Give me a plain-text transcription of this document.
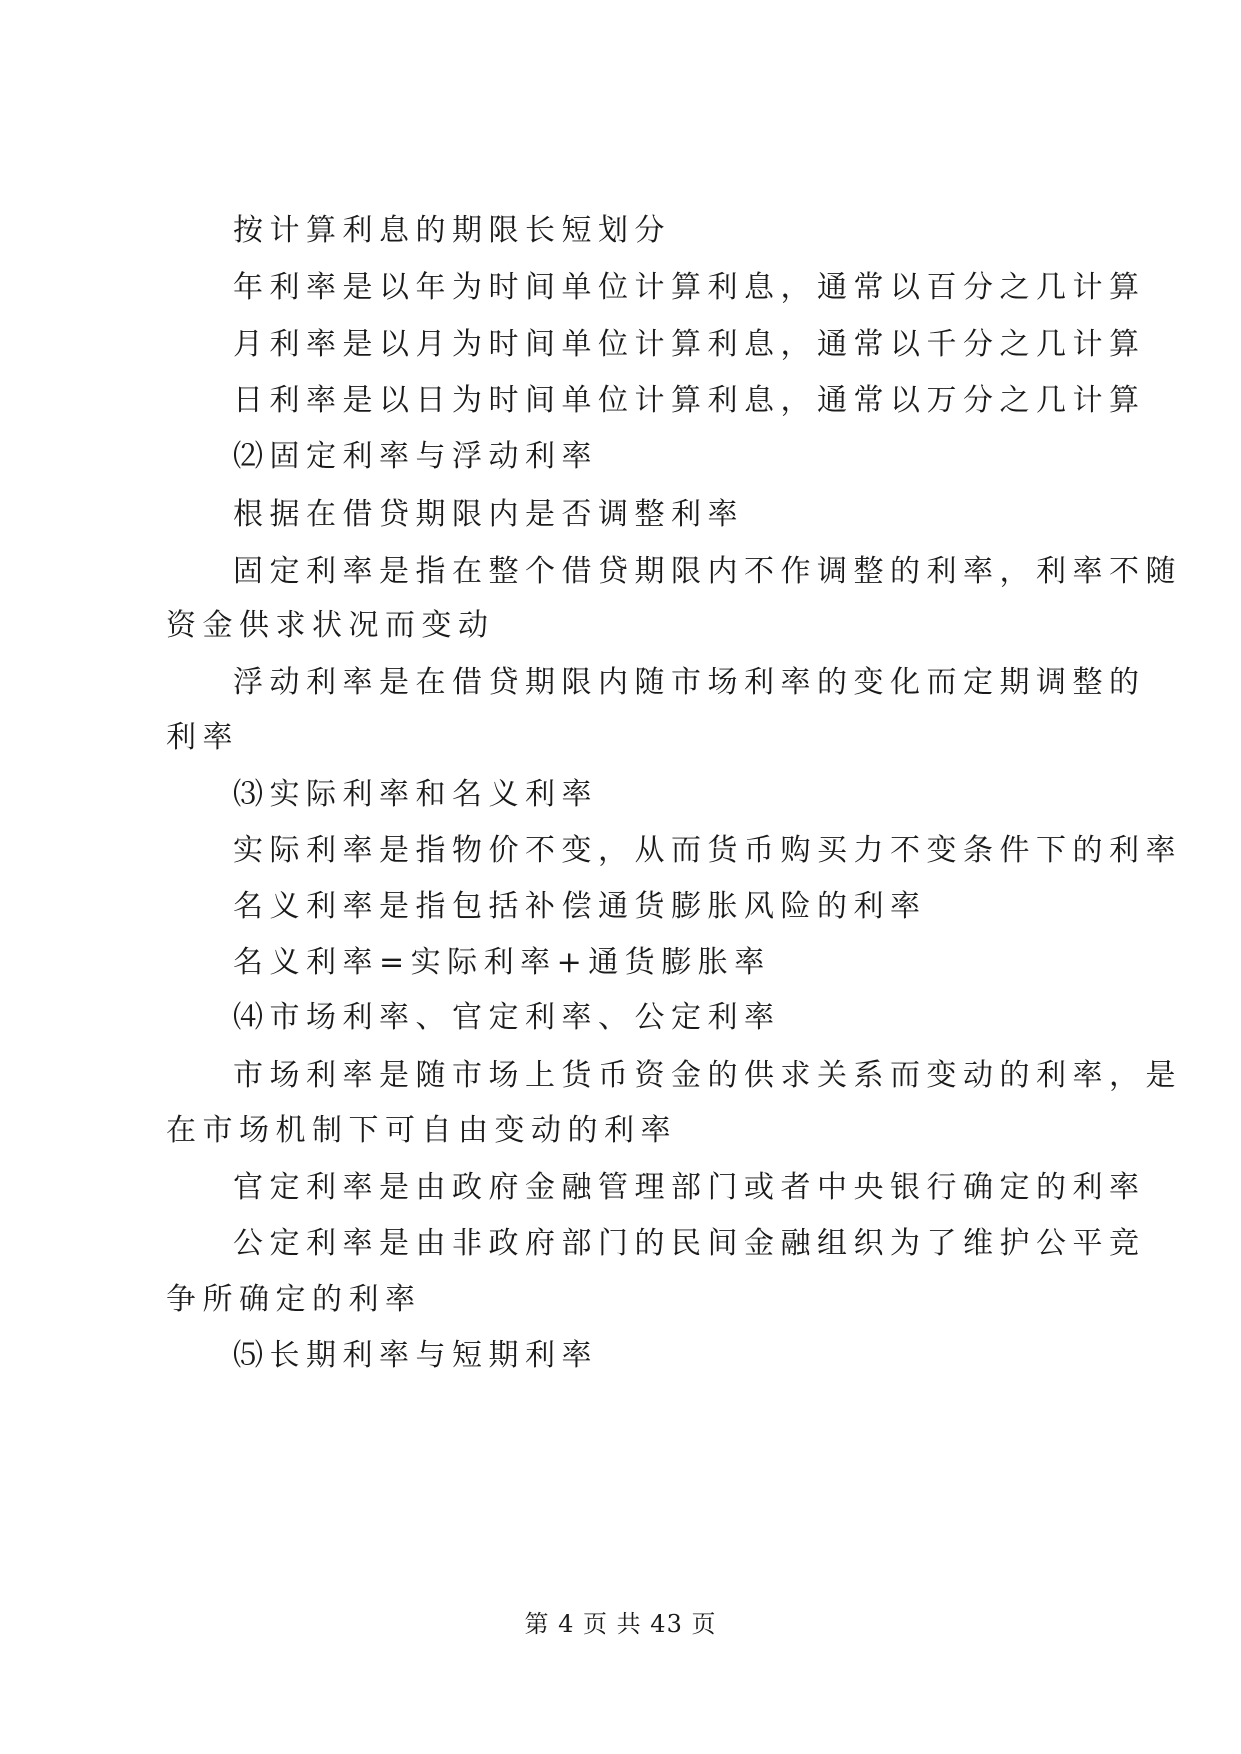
按计算利息的期限长短划分
年利率是以年为时间单位计算利息，通常以百分之几计算
月利率是以月为时间单位计算利息，通常以千分之几计算
日利率是以日为时间单位计算利息，通常以万分之几计算
⑵固定利率与浮动利率
根据在借贷期限内是否调整利率
固定利率是指在整个借贷期限内不作调整的利率，利率不随
资金供求状况而变动
浮动利率是在借贷期限内随市场利率的变化而定期调整的
利率
⑶实际利率和名义利率
实际利率是指物价不变，从而货币购买力不变条件下的利率
名义利率是指包括补偿通货膨胀风险的利率
名义利率=实际利率+通货膨胀率
⑷市场利率、官定利率、公定利率
市场利率是随市场上货币资金的供求关系而变动的利率，是
在市场机制下可自由变动的利率
官定利率是由政府金融管理部门或者中央银行确定的利率
公定利率是由非政府部门的民间金融组织为了维护公平竞
争所确定的利率
⑸长期利率与短期利率
第 4 页 共 43 页
